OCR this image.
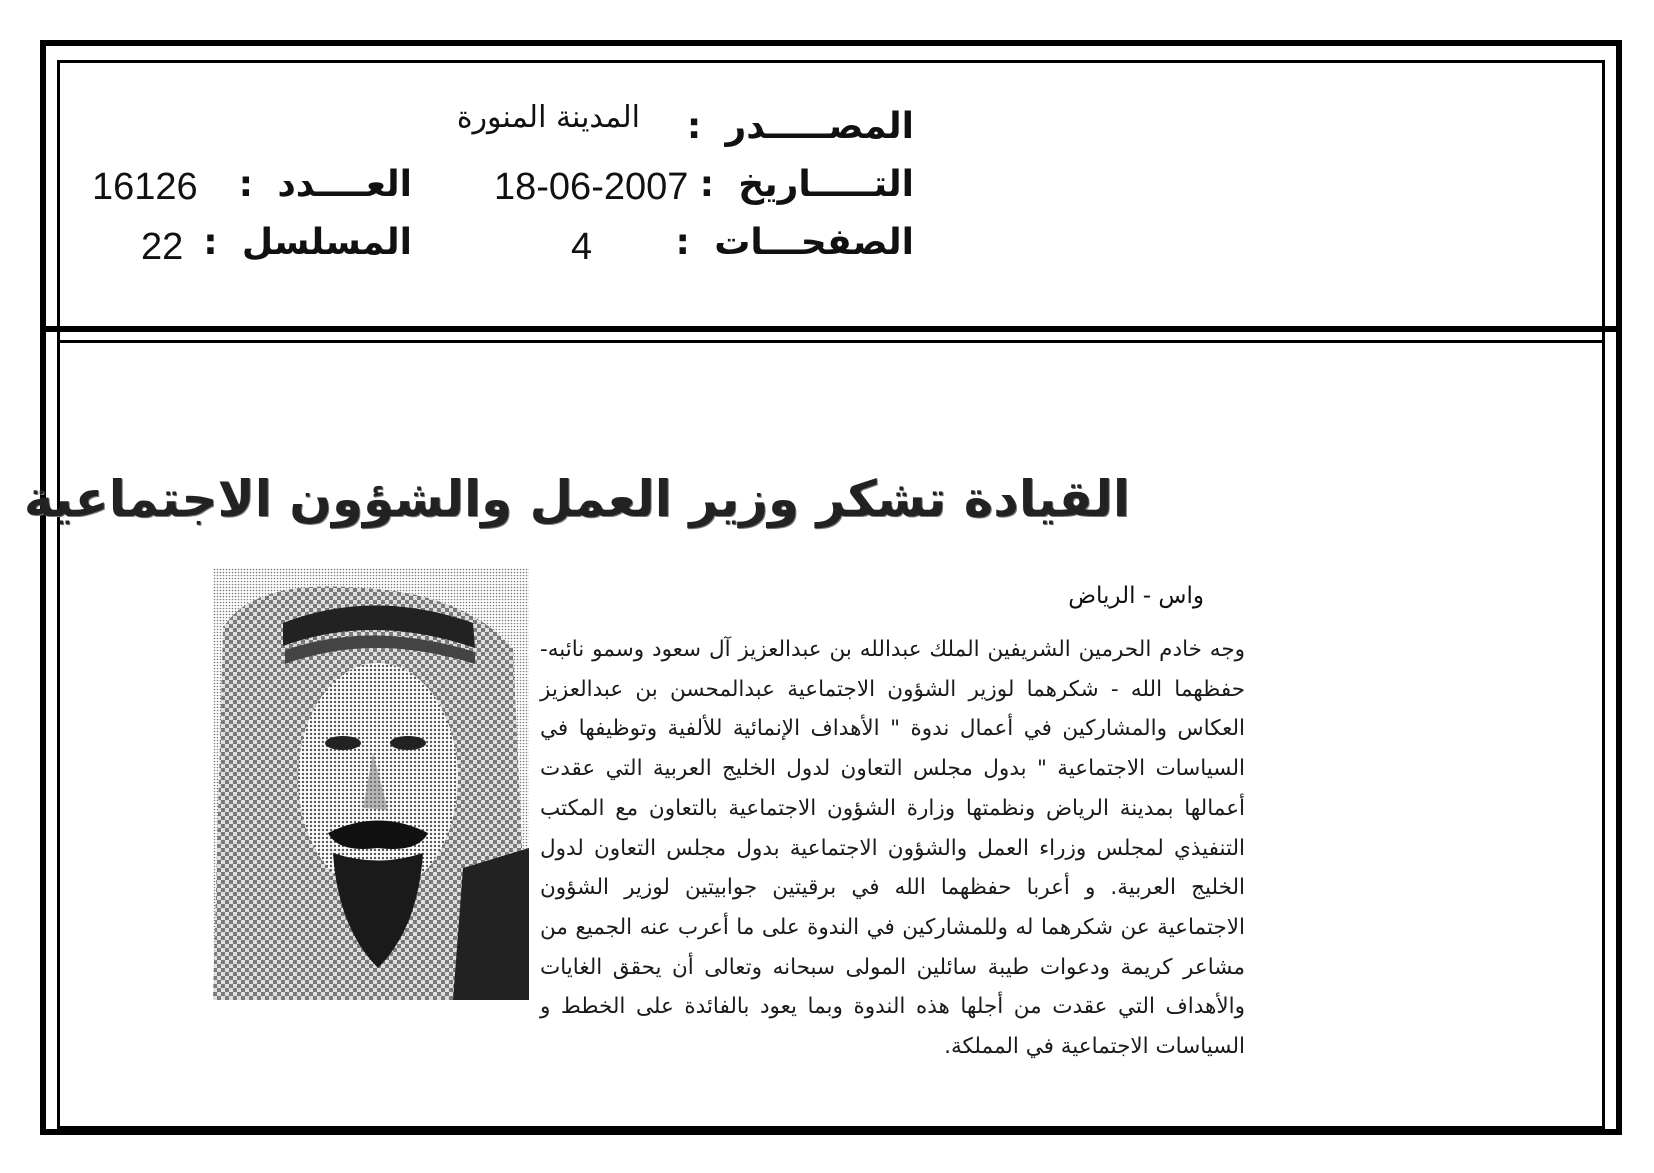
المصـــــدر :
المدينة المنورة
التـــــاريخ :
18-06-2007
العــــدد :
16126
الصفحـــات :
4
المسلسل :
22
القيادة تشكر وزير العمل والشؤون الاجتماعية
واس - الرياض
وجه خادم الحرمين الشريفين الملك عبدالله بن عبدالعزيز آل سعود وسمو نائبه- حفظهما الله - شكرهما لوزير الشؤون الاجتماعية عبدالمحسن بن عبدالعزيز العكاس والمشاركين في أعمال ندوة " الأهداف الإنمائية للألفية وتوظيفها في السياسات الاجتماعية " بدول مجلس التعاون لدول الخليج العربية التي عقدت أعمالها بمدينة الرياض ونظمتها وزارة الشؤون الاجتماعية بالتعاون مع المكتب التنفيذي لمجلس وزراء العمل والشؤون الاجتماعية بدول مجلس التعاون لدول الخليج العربية. و أعربا حفظهما الله في برقيتين جوابيتين لوزير الشؤون الاجتماعية عن شكرهما له وللمشاركين في الندوة على ما أعرب عنه الجميع من مشاعر كريمة ودعوات طيبة سائلين المولى سبحانه وتعالى أن يحقق الغايات والأهداف التي عقدت من أجلها هذه الندوة وبما يعود بالفائدة على الخطط و السياسات الاجتماعية في المملكة.
